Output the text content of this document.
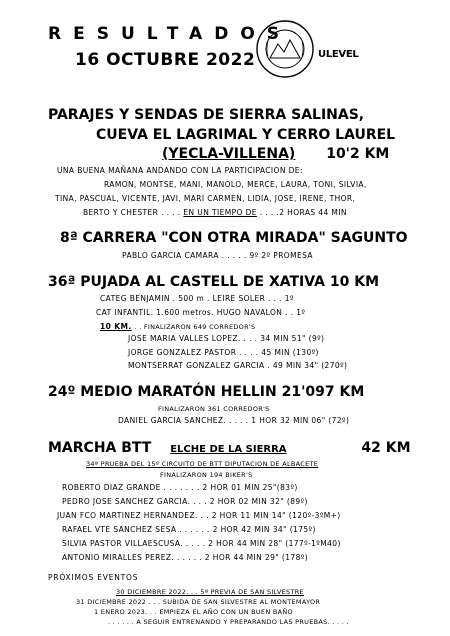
RESULTADOS
16 OCTUBRE 2022	ULEVEL
PARAJES Y SENDAS DE SIERRA SALINAS,
CUEVA EL LAGRIMAL Y CERRO LAUREL
(YECLA-VILLENA) 10'2 KM
UNA BUENA MAÑANA ANDANDO CON LA PARTICIPACION DE:
RAMON, MONTSE, MANI, MANOLO, MERCE, LAURA, TONI, SILVIA,
TINA, PASCUAL, VICENTE, JAVI, MARI CARMEN, LIDIA, JOSE, IRENE, THOR,
BERTO Y CHESTER . . . . EN UN TIEMPO DE . . . .2 HORAS 44 MIN
8ª CARRERA "CON OTRA MIRADA" SAGUNTO
PABLO GARCIA CAMARA . . . . . 9º 2º PROMESA
36ª PUJADA AL CASTELL DE XATIVA 10 KM
CATEG BENJAMIN . 500 m . LEIRE SOLER . . . 1º
CAT INFANTIL. 1.600 metros. HUGO NAVALON . . 1º
10 KM. . . FINALIZARON 649 CORREDOR'S
JOSE MARIA VALLES LOPEZ. . . . 34 MIN 51" (9º)
JORGE GONZALEZ PASTOR . . . . 45 MIN (130º)
MONTSERRAT GONZALEZ GARCIA . 49 MIN 34" (270º)
24º MEDIO MARATÓN HELLIN 21'097 KM
FINALIZARON 361 CORREDOR'S
DANIEL GARCIA SANCHEZ. . . . . 1 HOR 32 MIN 06" (72º)
MARCHA BTT ELCHE DE LA SIERRA	42 KM
34ª PRUEBA DEL 15º CIRCUITO DE BTT DIPUTACION DE ALBACETE
FINALIZARON 194 BIKER'S
ROBERTO DIAZ GRANDE . . . . . . . 2 HOR 01 MIN 25"(83º)
PEDRO JOSE SANCHEZ GARCIA. . . . 2 HOR 02 MIN 32" (89º)
JUAN FCO MARTINEZ HERNANDEZ. . . 2 HOR 11 MIN 14" (120º-3ºM+)
RAFAEL VTE SANCHEZ SESA . . . . . . 2 HOR 42 MIN 34" (175º)
SILVIA PASTOR VILLAESCUSA. . . . . 2 HOR 44 MIN 28" (177º-1ºM40)
ANTONIO MIRALLES PEREZ. . . . . . 2 HOR 44 MIN 29" (178º)
PRÓXIMOS EVENTOS
30 DICIEMBRE 2022. . . 5ª PREVIA DE SAN SILVESTRE
31 DICIEMBRE 2022 . . . SUBIDA DE SAN SILVESTRE AL MONTEMAYOR
1 ENERO 2023. . . EMPIEZA EL AÑO CON UN BUEN BAÑO
. . . . . . A SEGUIR ENTRENANDO Y PREPARANDO LAS PRUEBAS. . . . .
